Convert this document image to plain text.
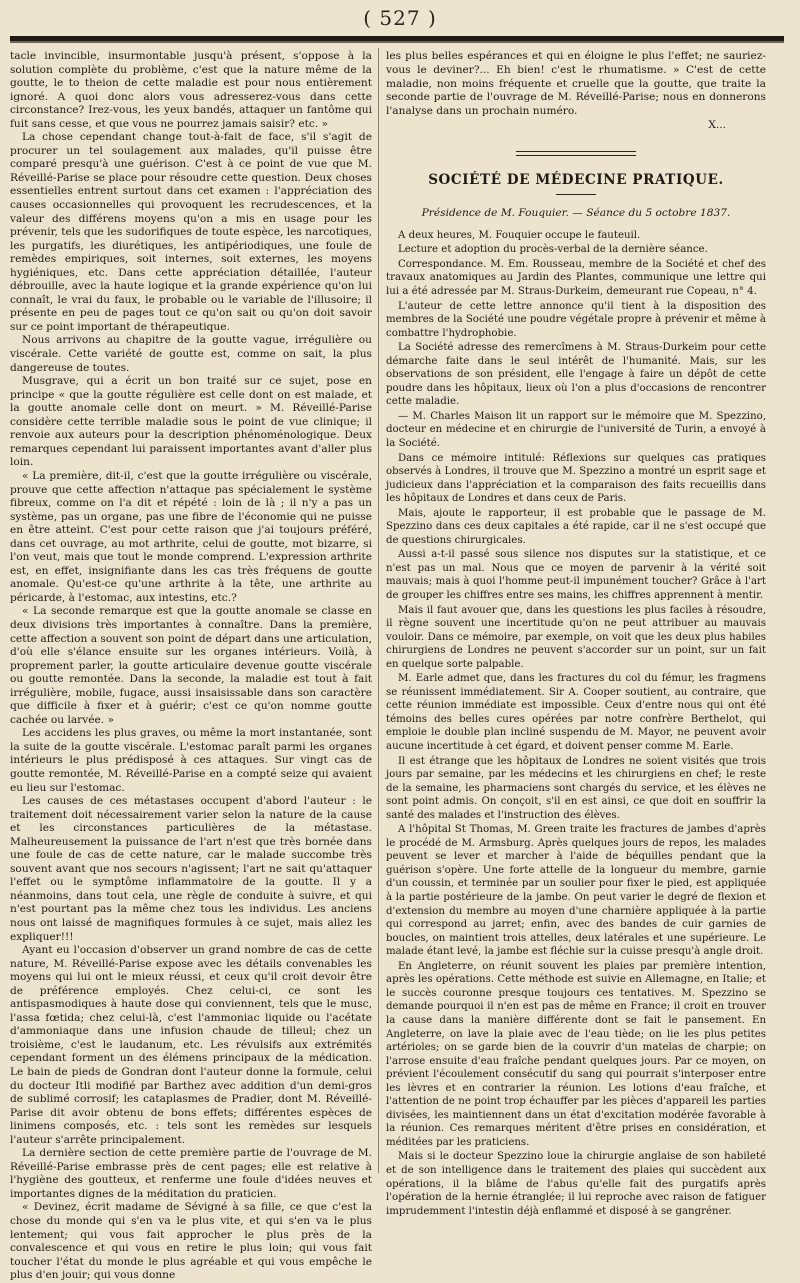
( 527 )

tacle invincible, insurmontable jusqu'à présent, s'oppose à la solution complète du problème, c'est que la nature même de la goutte, le to theion de cette maladie est pour nous entièrement ignoré. A quoi donc alors vous adresserez-vous dans cette circonstance? Irez-vous, les yeux bandés, attaquer un fantôme qui fuit sans cesse, et que vous ne pourrez jamais saisir? etc. »

La chose cependant change tout-à-fait de face, s'il s'agit de procurer un tel soulagement aux malades, qu'il puisse être comparé presqu'à une guérison. C'est à ce point de vue que M. Réveillé-Parise se place pour résoudre cette question. Deux choses essentielles entrent surtout dans cet examen : l'appréciation des causes occasionnelles qui provoquent les recrudescences, et la valeur des différens moyens qu'on a mis en usage pour les prévenir, tels que les sudorifiques de toute espèce, les narcotiques, les purgatifs, les diurétiques, les antipériodiques, une foule de remèdes empiriques, soit internes, soit externes, les moyens hygiéniques, etc. Dans cette appréciation détaillée, l'auteur débrouille, avec la haute logique et la grande expérience qu'on lui connaît, le vrai du faux, le probable ou le variable de l'illusoire; il présente en peu de pages tout ce qu'on sait ou qu'on doit savoir sur ce point important de thérapeutique.

Nous arrivons au chapitre de la goutte vague, irrégulière ou viscérale. Cette variété de goutte est, comme on sait, la plus dangereuse de toutes.

Musgrave, qui a écrit un bon traité sur ce sujet, pose en principe « que la goutte régulière est celle dont on est malade, et la goutte anomale celle dont on meurt. » M. Réveillé-Parise considère cette terrible maladie sous le point de vue clinique; il renvoie aux auteurs pour la description phénoménologique. Deux remarques cependant lui paraissent importantes avant d'aller plus loin.

« La première, dit-il, c'est que la goutte irrégulière ou viscérale, prouve que cette affection n'attaque pas spécialement le système fibreux, comme on l'a dit et répété : loin de là ; il n'y a pas un système, pas un organe, pas une fibre de l'économie qui ne puisse en être atteint. C'est pour cette raison que j'ai toujours préféré, dans cet ouvrage, au mot arthrite, celui de goutte, mot bizarre, si l'on veut, mais que tout le monde comprend. L'expression arthrite est, en effet, insignifiante dans les cas très fréquens de goutte anomale. Qu'est-ce qu'une arthrite à la tête, une arthrite au péricarde, à l'estomac, aux intestins, etc.?

« La seconde remarque est que la goutte anomale se classe en deux divisions très importantes à connaître. Dans la première, cette affection a souvent son point de départ dans une articulation, d'où elle s'élance ensuite sur les organes intérieurs. Voilà, à proprement parler, la goutte articulaire devenue goutte viscérale ou goutte remontée. Dans la seconde, la maladie est tout à fait irrégulière, mobile, fugace, aussi insaisissable dans son caractère que difficile à fixer et à guérir; c'est ce qu'on nomme goutte cachée ou larvée. »

Les accidens les plus graves, ou même la mort instantanée, sont la suite de la goutte viscérale. L'estomac paraît parmi les organes intérieurs le plus prédisposé à ces attaques. Sur vingt cas de goutte remontée, M. Réveillé-Parise en a compté seize qui avaient eu lieu sur l'estomac.

Les causes de ces métastases occupent d'abord l'auteur : le traitement doit nécessairement varier selon la nature de la cause et les circonstances particulières de la métastase. Malheureusement la puissance de l'art n'est que très bornée dans une foule de cas de cette nature, car le malade succombe très souvent avant que nos secours n'agissent; l'art ne sait qu'attaquer l'effet ou le symptôme inflammatoire de la goutte. Il y a néanmoins, dans tout cela, une règle de conduite à suivre, et qui n'est pourtant pas la même chez tous les individus. Les anciens nous ont laissé de magnifiques formules à ce sujet, mais allez les expliquer!!!

Ayant eu l'occasion d'observer un grand nombre de cas de cette nature, M. Réveillé-Parise expose avec les détails convenables les moyens qui lui ont le mieux réussi, et ceux qu'il croit devoir être de préférence employés. Chez celui-ci, ce sont les antispasmodiques à haute dose qui conviennent, tels que le musc, l'assa fœtida; chez celui-là, c'est l'ammoniac liquide ou l'acétate d'ammoniaque dans une infusion chaude de tilleul; chez un troisième, c'est le laudanum, etc. Les révulsifs aux extrémités cependant forment un des élémens principaux de la médication. Le bain de pieds de Gondran dont l'auteur donne la formule, celui du docteur Itli modifié par Barthez avec addition d'un demi-gros de sublimé corrosif; les cataplasmes de Pradier, dont M. Réveillé-Parise dit avoir obtenu de bons effets; différentes espèces de linimens composés, etc. : tels sont les remèdes sur lesquels l'auteur s'arrête principalement.

La dernière section de cette première partie de l'ouvrage de M. Réveillé-Parise embrasse près de cent pages; elle est relative à l'hygiène des goutteux, et renferme une foule d'idées neuves et importantes dignes de la méditation du praticien.

« Devinez, écrit madame de Sévigné à sa fille, ce que c'est la chose du monde qui s'en va le plus vite, et qui s'en va le plus lentement; qui vous fait approcher le plus près de la convalescence et qui vous en retire le plus loin; qui vous fait toucher l'état du monde le plus agréable et qui vous empêche le plus d'en jouir; qui vous donne

les plus belles espérances et qui en éloigne le plus l'effet; ne sauriez-vous le deviner?... Eh bien! c'est le rhumatisme. » C'est de cette maladie, non moins fréquente et cruelle que la goutte, que traite la seconde partie de l'ouvrage de M. Réveillé-Parise; nous en donnerons l'analyse dans un prochain numéro.

X...

SOCIÉTÉ DE MÉDECINE PRATIQUE.
Présidence de M. Fouquier. — Séance du 5 octobre 1837.

A deux heures, M. Fouquier occupe le fauteuil.

Lecture et adoption du procès-verbal de la dernière séance.

Correspondance. M. Em. Rousseau, membre de la Société et chef des travaux anatomiques au Jardin des Plantes, communique une lettre qui lui a été adressée par M. Straus-Durkeim, demeurant rue Copeau, n° 4.

L'auteur de cette lettre annonce qu'il tient à la disposition des membres de la Société une poudre végétale propre à prévenir et même à combattre l'hydrophobie.

La Société adresse des remercîmens à M. Straus-Durkeim pour cette démarche faite dans le seul intérêt de l'humanité. Mais, sur les observations de son président, elle l'engage à faire un dépôt de cette poudre dans les hôpitaux, lieux où l'on a plus d'occasions de rencontrer cette maladie.

— M. Charles Maison lit un rapport sur le mémoire que M. Spezzino, docteur en médecine et en chirurgie de l'université de Turin, a envoyé à la Société.

Dans ce mémoire intitulé: Réflexions sur quelques cas pratiques observés à Londres, il trouve que M. Spezzino a montré un esprit sage et judicieux dans l'appréciation et la comparaison des faits recueillis dans les hôpitaux de Londres et dans ceux de Paris.

Mais, ajoute le rapporteur, il est probable que le passage de M. Spezzino dans ces deux capitales a été rapide, car il ne s'est occupé que de questions chirurgicales.

Aussi a-t-il passé sous silence nos disputes sur la statistique, et ce n'est pas un mal. Nous que ce moyen de parvenir à la vérité soit mauvais; mais à quoi l'homme peut-il impunément toucher? Grâce à l'art de grouper les chiffres entre ses mains, les chiffres apprennent à mentir.

Mais il faut avouer que, dans les questions les plus faciles à résoudre, il règne souvent une incertitude qu'on ne peut attribuer au mauvais vouloir. Dans ce mémoire, par exemple, on voit que les deux plus habiles chirurgiens de Londres ne peuvent s'accorder sur un point, sur un fait en quelque sorte palpable.

M. Earle admet que, dans les fractures du col du fémur, les fragmens se réunissent immédiatement. Sir A. Cooper soutient, au contraire, que cette réunion immédiate est impossible. Ceux d'entre nous qui ont été témoins des belles cures opérées par notre confrère Berthelot, qui emploie le double plan incliné suspendu de M. Mayor, ne peuvent avoir aucune incertitude à cet égard, et doivent penser comme M. Earle.

Il est étrange que les hôpitaux de Londres ne soient visités que trois jours par semaine, par les médecins et les chirurgiens en chef; le reste de la semaine, les pharmaciens sont chargés du service, et les élèves ne sont point admis. On conçoit, s'il en est ainsi, ce que doit en souffrir la santé des malades et l'instruction des élèves.

A l'hôpital St Thomas, M. Green traite les fractures de jambes d'après le procédé de M. Armsburg. Après quelques jours de repos, les malades peuvent se lever et marcher à l'aide de béquilles pendant que la guérison s'opère. Une forte attelle de la longueur du membre, garnie d'un coussin, et terminée par un soulier pour fixer le pied, est appliquée à la partie postérieure de la jambe. On peut varier le degré de flexion et d'extension du membre au moyen d'une charnière appliquée à la partie qui correspond au jarret; enfin, avec des bandes de cuir garnies de boucles, on maintient trois attelles, deux latérales et une supérieure. Le malade étant levé, la jambe est fléchie sur la cuisse presqu'à angle droit.

En Angleterre, on réunit souvent les plaies par première intention, après les opérations. Cette méthode est suivie en Allemagne, en Italie; et le succès couronne presque toujours ces tentatives. M. Spezzino se demande pourquoi il n'en est pas de même en France; il croit en trouver la cause dans la manière différente dont se fait le pansement. En Angleterre, on lave la plaie avec de l'eau tiède; on lie les plus petites artérioles; on se garde bien de la couvrir d'un matelas de charpie; on l'arrose ensuite d'eau fraîche pendant quelques jours. Par ce moyen, on prévient l'écoulement consécutif du sang qui pourrait s'interposer entre les lèvres et en contrarier la réunion. Les lotions d'eau fraîche, et l'attention de ne point trop échauffer par les pièces d'appareil les parties divisées, les maintiennent dans un état d'excitation modérée favorable à la réunion. Ces remarques méritent d'être prises en considération, et méditées par les praticiens.

Mais si le docteur Spezzino loue la chirurgie anglaise de son habileté et de son intelligence dans le traitement des plaies qui succèdent aux opérations, il la blâme de l'abus qu'elle fait des purgatifs après l'opération de la hernie étranglée; il lui reproche avec raison de fatiguer imprudemment l'intestin déjà enflammé et disposé à se gangréner.
